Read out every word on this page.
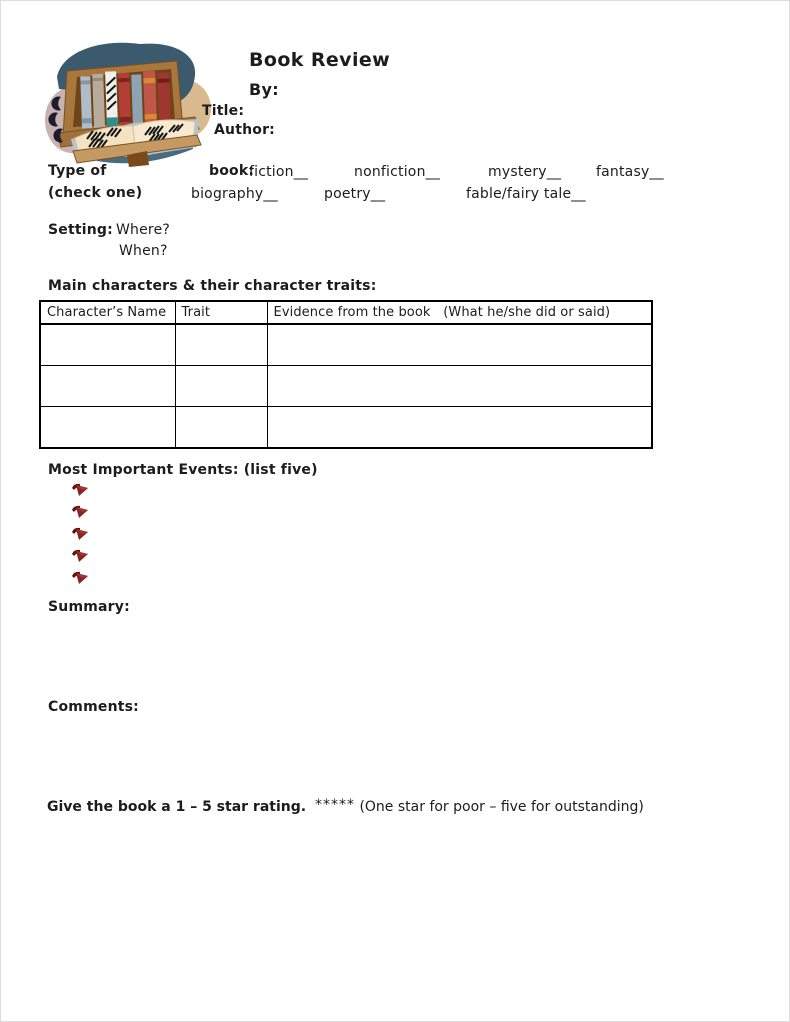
Book Review
By:
Title:
Author:
Type of	book:
fiction__	nonfiction__	mystery__ fantasy__
(check one)	biography__	poetry__	fable/fairy tale__
Setting: Where?
When?
Main characters & their character traits:
Character’s Name	Trait	Evidence from the book   (What he/she did or said)

Most Important Events: (list five)
Summary:
Comments:
Give the book a 1 – 5 star rating. ***** (One star for poor – five for outstanding)
